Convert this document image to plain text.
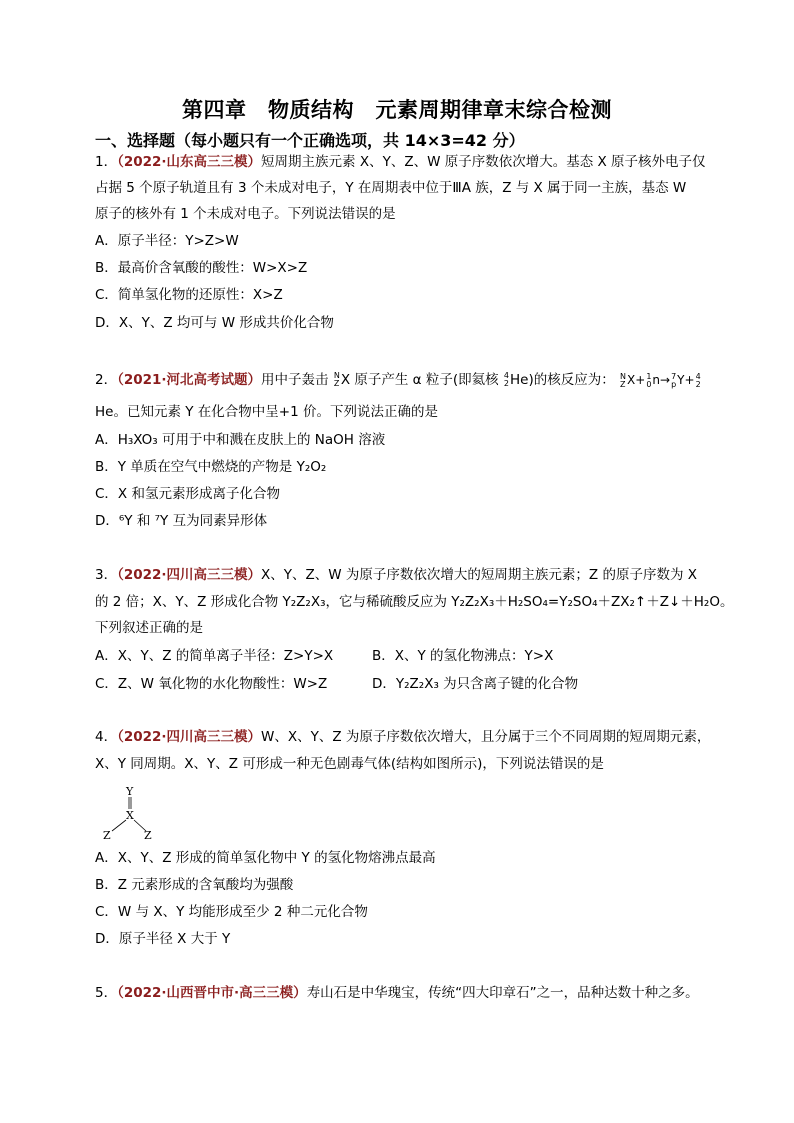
第四章　物质结构　元素周期律章末综合检测
一、选择题（每小题只有一个正确选项，共 14×3=42 分）
1．（2022·山东高三三模）短周期主族元素 X、Y、Z、W 原子序数依次增大。基态 X 原子核外电子仅
占据 5 个原子轨道且有 3 个未成对电子，Y 在周期表中位于ⅢA 族，Z 与 X 属于同一主族，基态 W
原子的核外有 1 个未成对电子。下列说法错误的是
A．原子半径：Y>Z>W
B．最高价含氧酸的酸性：W>X>Z
C．简单氢化物的还原性：X>Z
D．X、Y、Z 均可与 W 形成共价化合物
2．（2021·河北高考试题）用中子轰击 N
Z X 原子产生 α 粒子(即氦核 4
2 He)的核反应为： N
Z X+ 1
0 n→ 7
p Y+ 4
2
He。已知元素 Y 在化合物中呈+1 价。下列说法正确的是
A．H₃XO₃ 可用于中和溅在皮肤上的 NaOH 溶液
B．Y 单质在空气中燃烧的产物是 Y₂O₂
C．X 和氢元素形成离子化合物
D．⁶Y 和 ⁷Y 互为同素异形体
3．（2022·四川高三三模）X、Y、Z、W 为原子序数依次增大的短周期主族元素；Z 的原子序数为 X
的 2 倍；X、Y、Z 形成化合物 Y₂Z₂X₃，它与稀硫酸反应为 Y₂Z₂X₃＋H₂SO₄=Y₂SO₄＋ZX₂↑＋Z↓＋H₂O。
下列叙述正确的是
A．X、Y、Z 的简单离子半径：Z>Y>X	B．X、Y 的氢化物沸点：Y>X
C．Z、W 氧化物的水化物酸性：W>Z	D．Y₂Z₂X₃ 为只含离子键的化合物
4．（2022·四川高三三模）W、X、Y、Z 为原子序数依次增大，且分属于三个不同周期的短周期元素，
X、Y 同周期。X、Y、Z 可形成一种无色剧毒气体(结构如图所示)，下列说法错误的是
Y
X
Z	Z
A．X、Y、Z 形成的简单氢化物中 Y 的氢化物熔沸点最高
B．Z 元素形成的含氧酸均为强酸
C．W 与 X、Y 均能形成至少 2 种二元化合物
D．原子半径 X 大于 Y
5．（2022·山西晋中市·高三三模）寿山石是中华瑰宝，传统“四大印章石”之一，品种达数十种之多。
